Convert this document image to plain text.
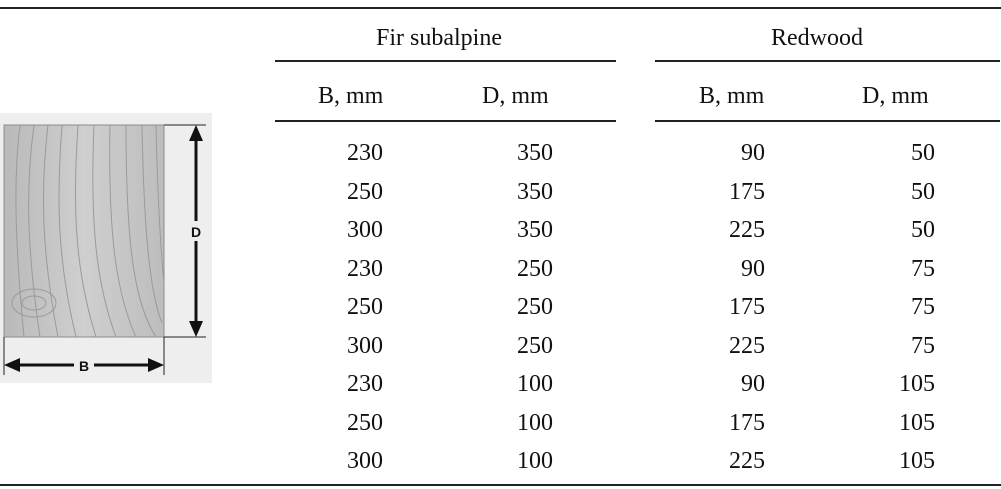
Fir subalpine	Redwood
B, mm	D, mm	B, mm	D, mm
230	350	90	50
250	350	175	50
300	350	225	50
230	250	90	75
250	250	175	75
300	250	225	75
230	100	90	105
250	100	175	105
300	100	225	105
D
B
